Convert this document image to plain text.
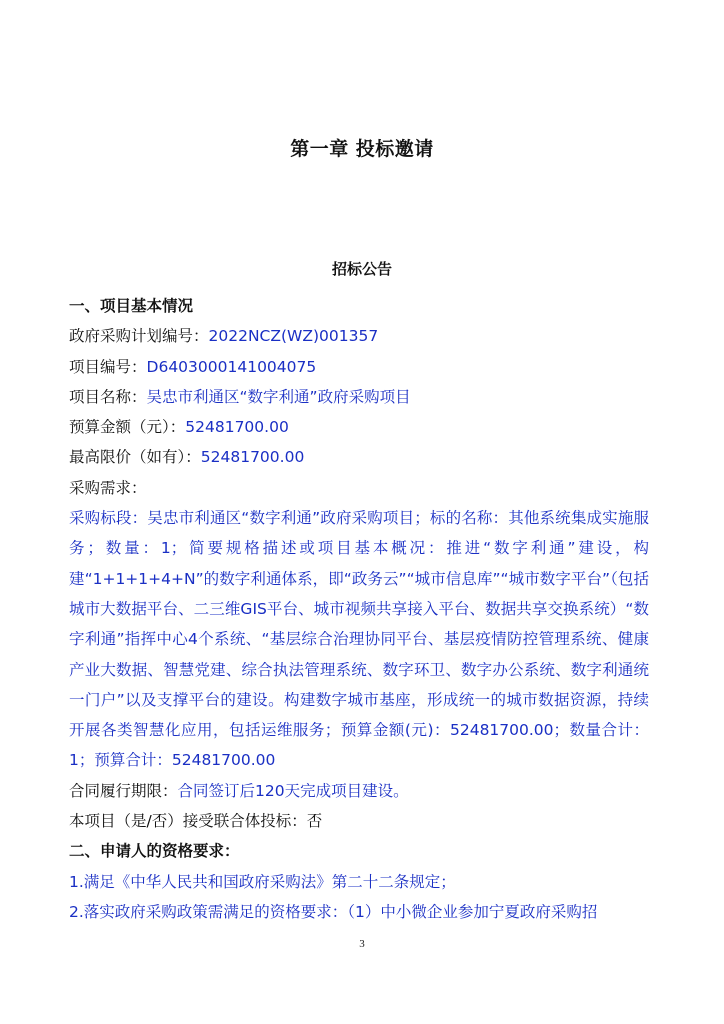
第一章 投标邀请
招标公告
一、项目基本情况
政府采购计划编号：2022NCZ(WZ)001357
项目编号：D6403000141004075
项目名称：吴忠市利通区“数字利通”政府采购项目
预算金额（元）：52481700.00
最高限价（如有）：52481700.00
采购需求：
采购标段：吴忠市利通区“数字利通”政府采购项目；标的名称：其他系统集成实施服务；数量：1；简要规格描述或项目基本概况：推进“数字利通”建设，构建“1+1+1+4+N”的数字利通体系，即“政务云”“城市信息库”“城市数字平台”（包括城市大数据平台、二三维GIS平台、城市视频共享接入平台、数据共享交换系统）“数字利通”指挥中心4个系统、“基层综合治理协同平台、基层疫情防控管理系统、健康产业大数据、智慧党建、综合执法管理系统、数字环卫、数字办公系统、数字利通统一门户”以及支撑平台的建设。构建数字城市基座，形成统一的城市数据资源，持续开展各类智慧化应用，包括运维服务；预算金额(元)：52481700.00；数量合计：1；预算合计：52481700.00
合同履行期限：合同签订后120天完成项目建设。
本项目（是/否）接受联合体投标：否
二、申请人的资格要求：
1.满足《中华人民共和国政府采购法》第二十二条规定；
2.落实政府采购政策需满足的资格要求：（1）中小微企业参加宁夏政府采购招
3
